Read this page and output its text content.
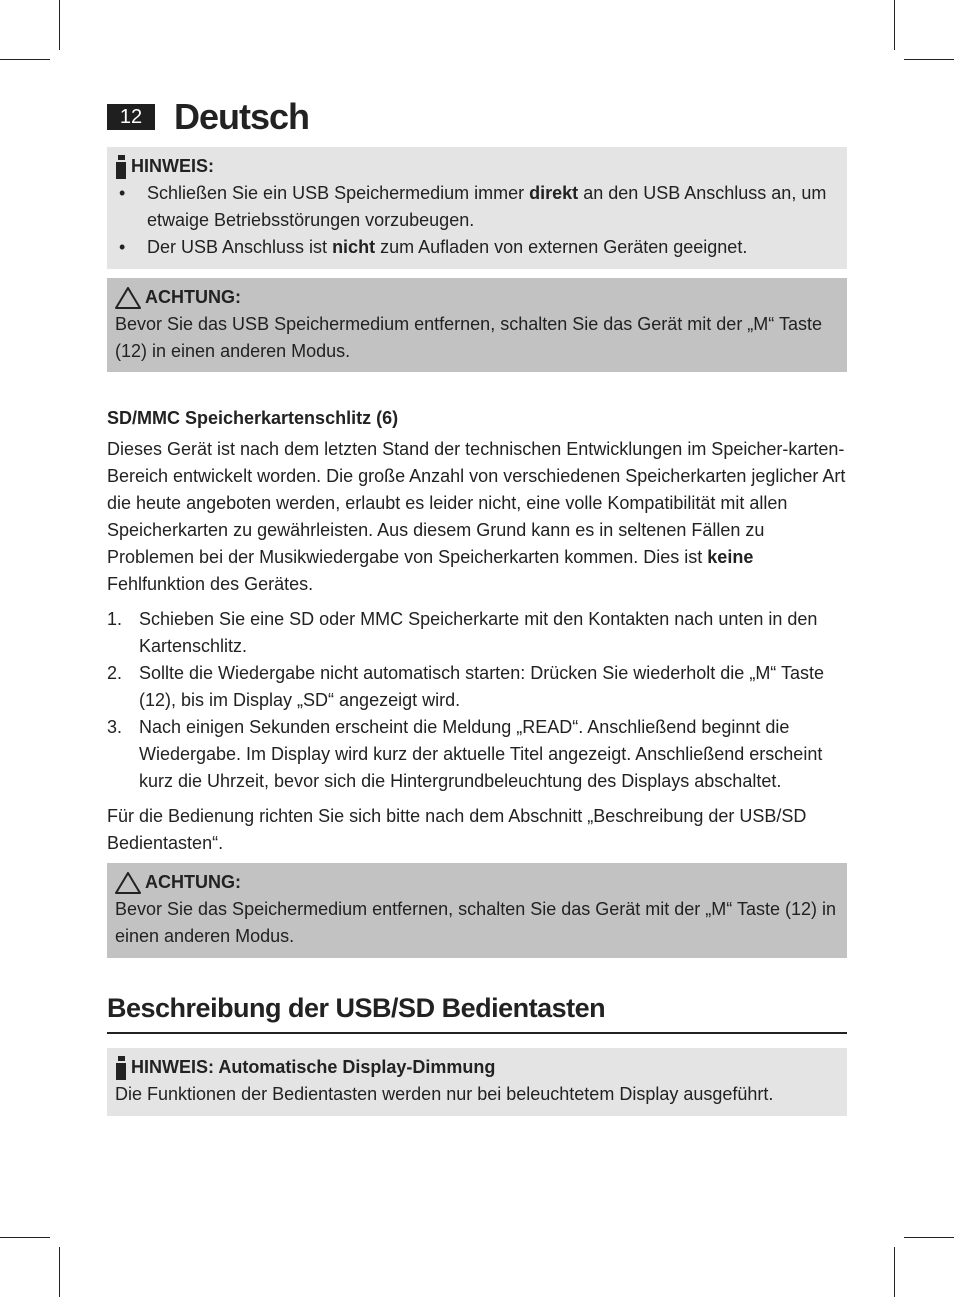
12 Deutsch
HINWEIS:
• Schließen Sie ein USB Speichermedium immer direkt an den USB Anschluss an, um etwaige Betriebsstörungen vorzubeugen.
• Der USB Anschluss ist nicht zum Aufladen von externen Geräten geeignet.
ACHTUNG:
Bevor Sie das USB Speichermedium entfernen, schalten Sie das Gerät mit der „M“ Taste (12) in einen anderen Modus.
SD/MMC Speicherkartenschlitz (6)

Dieses Gerät ist nach dem letzten Stand der technischen Entwicklungen im Speicher-karten-Bereich entwickelt worden. Die große Anzahl von verschiedenen Speicherkarten jeglicher Art die heute angeboten werden, erlaubt es leider nicht, eine volle Kompatibilität mit allen Speicherkarten zu gewährleisten. Aus diesem Grund kann es in seltenen Fällen zu Problemen bei der Musikwiedergabe von Speicherkarten kommen. Dies ist keine Fehlfunktion des Gerätes.

1. Schieben Sie eine SD oder MMC Speicherkarte mit den Kontakten nach unten in den Kartenschlitz.
2. Sollte die Wiedergabe nicht automatisch starten: Drücken Sie wiederholt die „M“ Taste (12), bis im Display „SD“ angezeigt wird.
3. Nach einigen Sekunden erscheint die Meldung „READ“. Anschließend beginnt die Wiedergabe. Im Display wird kurz der aktuelle Titel angezeigt. Anschließend erscheint kurz die Uhrzeit, bevor sich die Hintergrundbeleuchtung des Displays abschaltet.

Für die Bedienung richten Sie sich bitte nach dem Abschnitt „Beschreibung der USB/SD Bedientasten“.

ACHTUNG:
Bevor Sie das Speichermedium entfernen, schalten Sie das Gerät mit der „M“ Taste (12) in einen anderen Modus.
Beschreibung der USB/SD Bedientasten
HINWEIS: Automatische Display-Dimmung
Die Funktionen der Bedientasten werden nur bei beleuchtetem Display ausgeführt.
